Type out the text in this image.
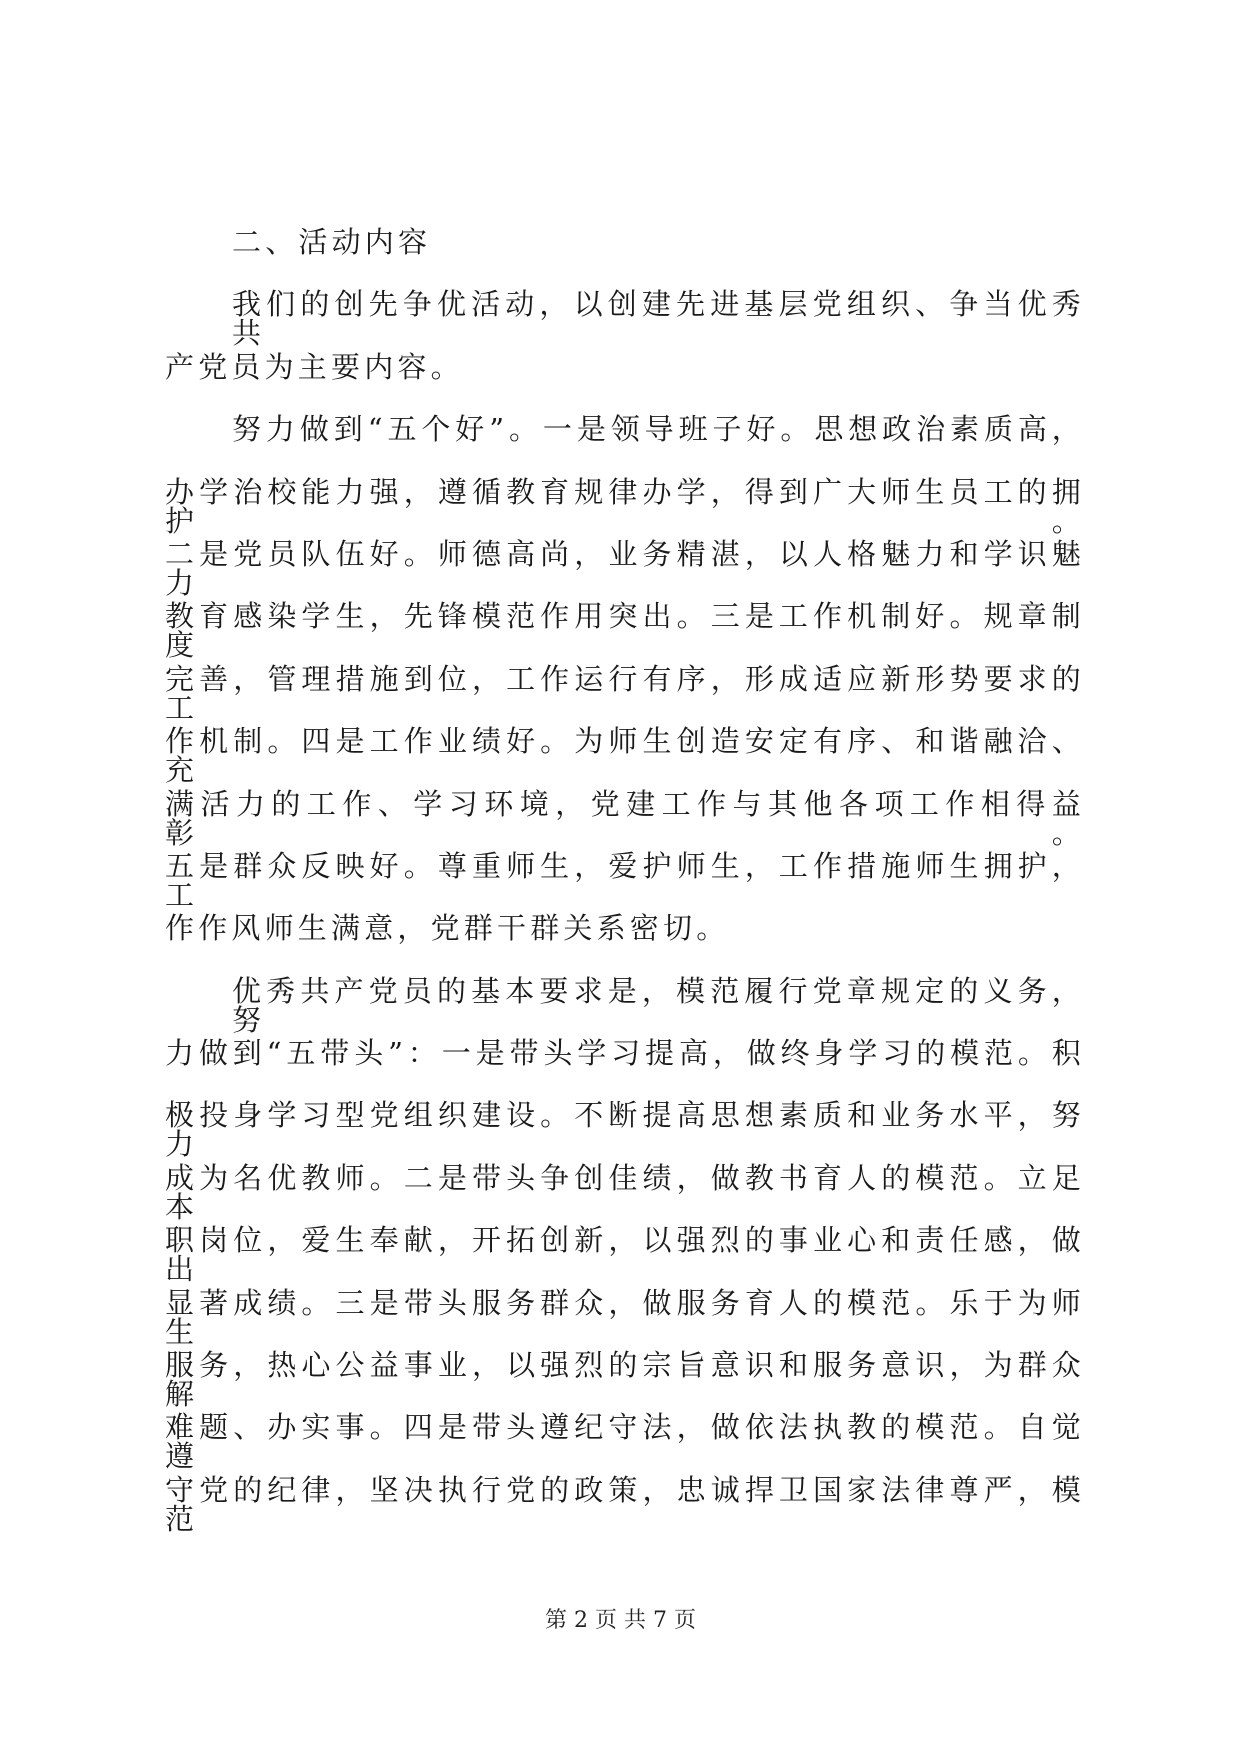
二、活动内容
我们的创先争优活动，以创建先进基层党组织、争当优秀共
产党员为主要内容。
努力做到“五个好”。一是领导班子好。思想政治素质高，
办学治校能力强，遵循教育规律办学，得到广大师生员工的拥护。
二是党员队伍好。师德高尚，业务精湛，以人格魅力和学识魅力
教育感染学生，先锋模范作用突出。三是工作机制好。规章制度
完善，管理措施到位，工作运行有序，形成适应新形势要求的工
作机制。四是工作业绩好。为师生创造安定有序、和谐融洽、充
满活力的工作、学习环境，党建工作与其他各项工作相得益彰。
五是群众反映好。尊重师生，爱护师生，工作措施师生拥护，工
作作风师生满意，党群干群关系密切。
优秀共产党员的基本要求是，模范履行党章规定的义务，努
力做到“五带头”：一是带头学习提高，做终身学习的模范。积
极投身学习型党组织建设。不断提高思想素质和业务水平，努力
成为名优教师。二是带头争创佳绩，做教书育人的模范。立足本
职岗位，爱生奉献，开拓创新，以强烈的事业心和责任感，做出
显著成绩。三是带头服务群众，做服务育人的模范。乐于为师生
服务，热心公益事业，以强烈的宗旨意识和服务意识，为群众解
难题、办实事。四是带头遵纪守法，做依法执教的模范。自觉遵
守党的纪律，坚决执行党的政策，忠诚捍卫国家法律尊严，模范
第 2 页 共 7 页
